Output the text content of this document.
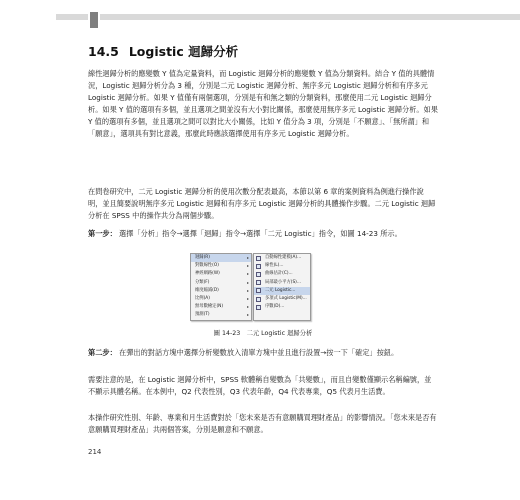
14.5 Logistic 迴歸分析

線性迴歸分析的應變數 Y 值為定量資料，而 Logistic 迴歸分析的應變數 Y 值為分類資料。結合 Y 值的具體情況，Logistic 迴歸分析分為 3 種，分別是二元 Logistic 迴歸分析、無序多元 Logistic 迴歸分析和有序多元 Logistic 迴歸分析。如果 Y 值僅有兩個選項，分別是有和無之類的分類資料，那麼使用二元 Logistic 迴歸分析。如果 Y 值的選項有多個，並且選項之間並沒有大小對比關係，那麼使用無序多元 Logistic 迴歸分析。如果 Y 值的選項有多個，並且選項之間可以對比大小關係，比如 Y 值分為 3 項，分別是「不願意」、「無所謂」和「願意」，選項具有對比意義，那麼此時應該選擇使用有序多元 Logistic 迴歸分析。

在問卷研究中，二元 Logistic 迴歸分析的使用次數分配表最高，本節以第 6 章的案例資料為例進行操作說明，並且簡要說明無序多元 Logistic 迴歸和有序多元 Logistic 迴歸分析的具體操作步驟。二元 Logistic 迴歸分析在 SPSS 中的操作共分為兩個步驟。

第一步： 選擇「分析」指令→選擇「迴歸」指令→選擇「二元 Logistic」指令，如圖 14-23 所示。
迴歸(R)	▸
對數線性(O)	▸
神經網路(W)	▸
分類(F)	▸
維度縮減(D)	▸
比例(A)	▸
無母數檢定(N)	▸
預測(T)	▸
自動線性建模(A)...
線性(L)...
曲線估計(C)...
局部最小平方(S)...
二元 Logistic...
多項式 Logistic(M)...
序數(D)...
圖 14-23　二元 Logistic 迴歸分析
第二步： 在彈出的對話方塊中選擇分析變數放入清單方塊中並且進行設置→按一下「確定」按鈕。

需要注意的是，在 Logistic 迴歸分析中，SPSS 軟體稱自變數為「共變數」，而且自變數僅顯示名稱編號，並不顯示具體名稱。在本例中，Q2 代表性別，Q3 代表年齡，Q4 代表專業，Q5 代表月生活費。

本操作研究性別、年齡、專業和月生活費對於「您未來是否有意願購買理財產品」的影響情況。「您未來是否有意願購買理財產品」共兩個答案，分別是願意和不願意。

214
